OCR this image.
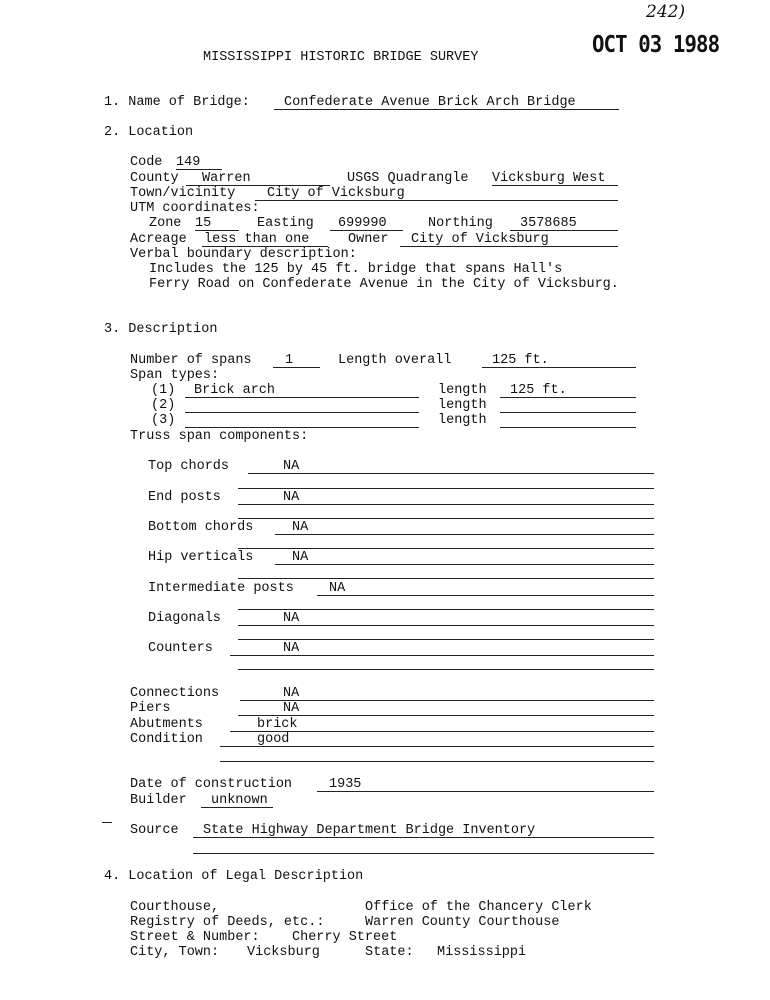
242)
OCT 03 1988
MISSISSIPPI HISTORIC BRIDGE SURVEY
1. Name of Bridge:	Confederate Avenue Brick Arch Bridge
2. Location
Code 149
County Warren	USGS Quadrangle Vicksburg West
Town/vicinity City of Vicksburg
UTM coordinates:
Zone 15	Easting 699990	Northing 3578685
Acreage less than one	Owner City of Vicksburg
Verbal boundary description:
Includes the 125 by 45 ft. bridge that spans Hall's
Ferry Road on Confederate Avenue in the City of Vicksburg.
3. Description
Number of spans 1	Length overall	125 ft.
Span types:
(1) Brick arch	length 125 ft.
(2)	length
(3)	length
Truss span components:
Top chords	NA
End posts	NA
Bottom chords	NA
Hip verticals	NA
Intermediate posts	NA
Diagonals	NA
Counters	NA
Connections	NA
Piers	NA
Abutments	brick
Condition	good
Date of construction	1935
Builder unknown
Source State Highway Department Bridge Inventory
4. Location of Legal Description
Courthouse,	Office of the Chancery Clerk
Registry of Deeds, etc.:	Warren County Courthouse
Street & Number: Cherry Street
City, Town: Vicksburg	State: Mississippi
